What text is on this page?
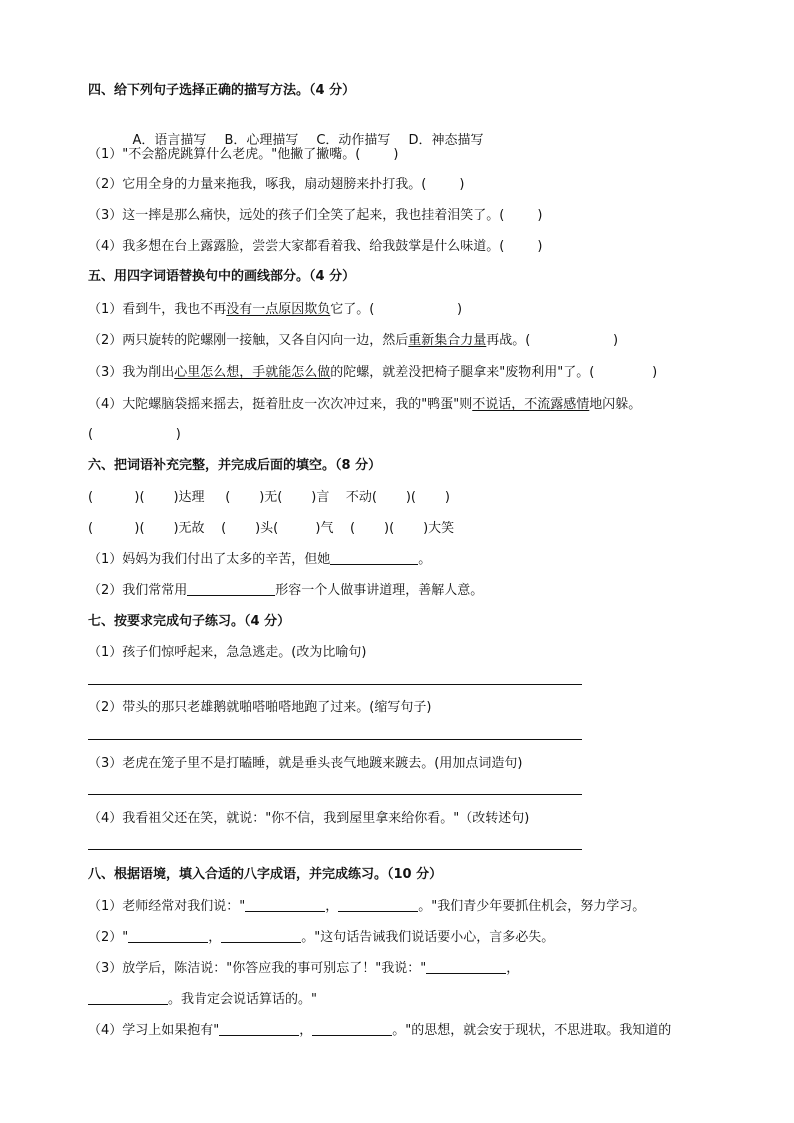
四、给下列句子选择正确的描写方法。（4 分）

A．语言描写 B．心理描写 C．动作描写 D．神态描写

（1）"不会豁虎跳算什么老虎。"他撇了撇嘴。(        )
（2）它用全身的力量来拖我，啄我，扇动翅膀来扑打我。(        )
（3）这一摔是那么痛快，远处的孩子们全笑了起来，我也挂着泪笑了。(        )
（4）我多想在台上露露脸，尝尝大家都看着我、给我鼓掌是什么味道。(        )
五、用四字词语替换句中的画线部分。（4 分）
（1）看到牛，我也不再没有一点原因欺负它了。(                    )
（2）两只旋转的陀螺刚一接触，又各自闪向一边，然后重新集合力量再战。(                    )
（3）我为削出心里怎么想，手就能怎么做的陀螺，就差没把椅子腿拿来"废物利用"了。(              )
（4）大陀螺脑袋摇来摇去，挺着肚皮一次次冲过来，我的"鸭蛋"则不说话，不流露感情地闪躲。
(                    )
六、把词语补充完整，并完成后面的填空。（8 分）
(          )(       )达理     (       )无(       )言    不动(       )(       )
(          )(       )无故    (       )头(         )气    (       )(       )大笑
（1）妈妈为我们付出了太多的辛苦，但她	。
（2）我们常常用	形容一个人做事讲道理，善解人意。
七、按要求完成句子练习。（4 分）
（1）孩子们惊呼起来，急急逃走。(改为比喻句)
（2）带头的那只老雄鹅就啪嗒啪嗒地跑了过来。(缩写句子)
（3）老虎在笼子里不是打瞌睡，就是垂头丧气地踱来踱去。(用加点词造句)
（4）我看祖父还在笑，就说："你不信，我到屋里拿来给你看。"（改转述句)
八、根据语境，填入合适的八字成语，并完成练习。（10 分）
（1）老师经常对我们说："	，	。"我们青少年要抓住机会，努力学习。
（2）"	，	。"这句话告诫我们说话要小心，言多必失。
（3）放学后，陈洁说："你答应我的事可别忘了！"我说："	，
。我肯定会说话算话的。"
（4）学习上如果抱有"	，	。"的思想，就会安于现状，不思进取。我知道的
